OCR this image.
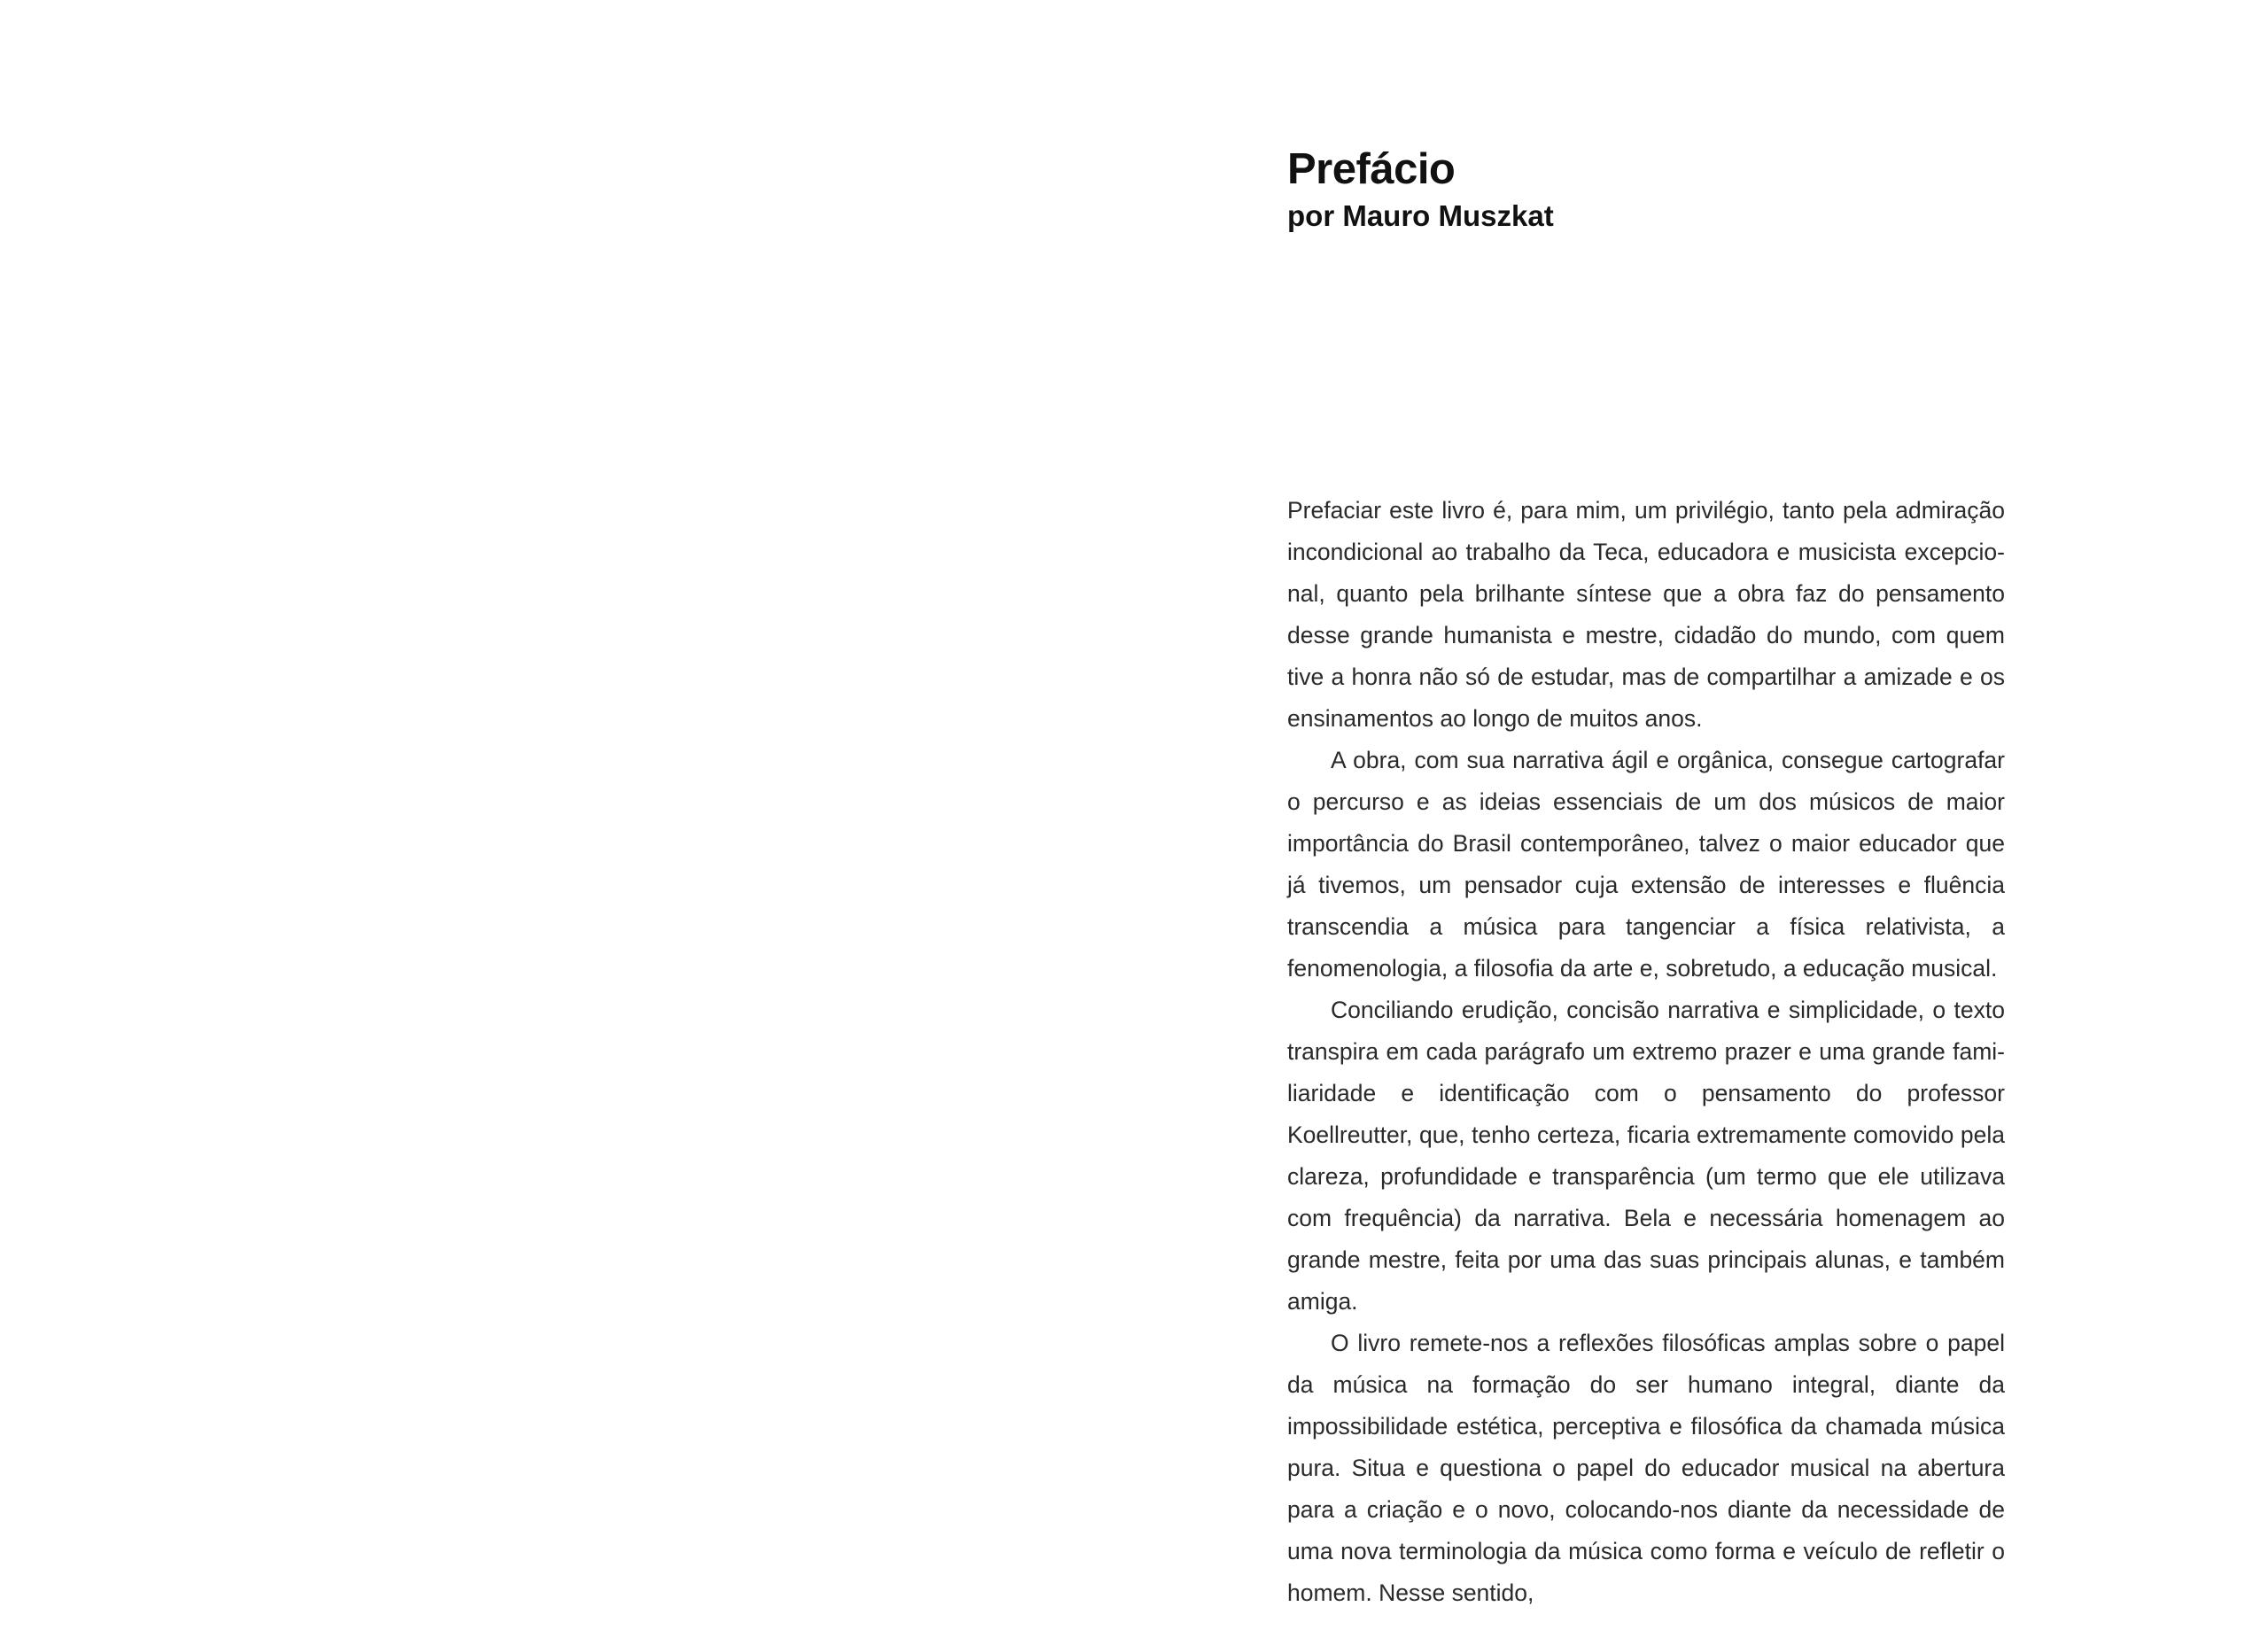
Prefácio

por Mauro Muszkat

Prefaciar este livro é, para mim, um privilégio, tanto pela admiração incondicional ao trabalho da Teca, educadora e musicista excepcional, quanto pela brilhante síntese que a obra faz do pensamento desse grande humanista e mestre, cidadão do mundo, com quem tive a honra não só de estudar, mas de compartilhar a amizade e os ensinamentos ao longo de muitos anos.

A obra, com sua narrativa ágil e orgânica, consegue cartografar o percurso e as ideias essenciais de um dos músicos de maior importância do Brasil contemporâneo, talvez o maior educador que já tivemos, um pensador cuja extensão de interesses e fluência transcendia a música para tangenciar a física relativista, a fenomenologia, a filosofia da arte e, sobretudo, a educação musical.

Conciliando erudição, concisão narrativa e simplicidade, o texto transpira em cada parágrafo um extremo prazer e uma grande familiaridade e identificação com o pensamento do professor Koellreutter, que, tenho certeza, ficaria extremamente comovido pela clareza, profundidade e transparência (um termo que ele utilizava com frequência) da narrativa. Bela e necessária homenagem ao grande mestre, feita por uma das suas principais alunas, e também amiga.

O livro remete-nos a reflexões filosóficas amplas sobre o papel da música na formação do ser humano integral, diante da impossibilidade estética, perceptiva e filosófica da chamada música pura. Situa e questiona o papel do educador musical na abertura para a criação e o novo, colocando-nos diante da necessidade de uma nova terminologia da música como forma e veículo de refletir o homem. Nesse sentido,
